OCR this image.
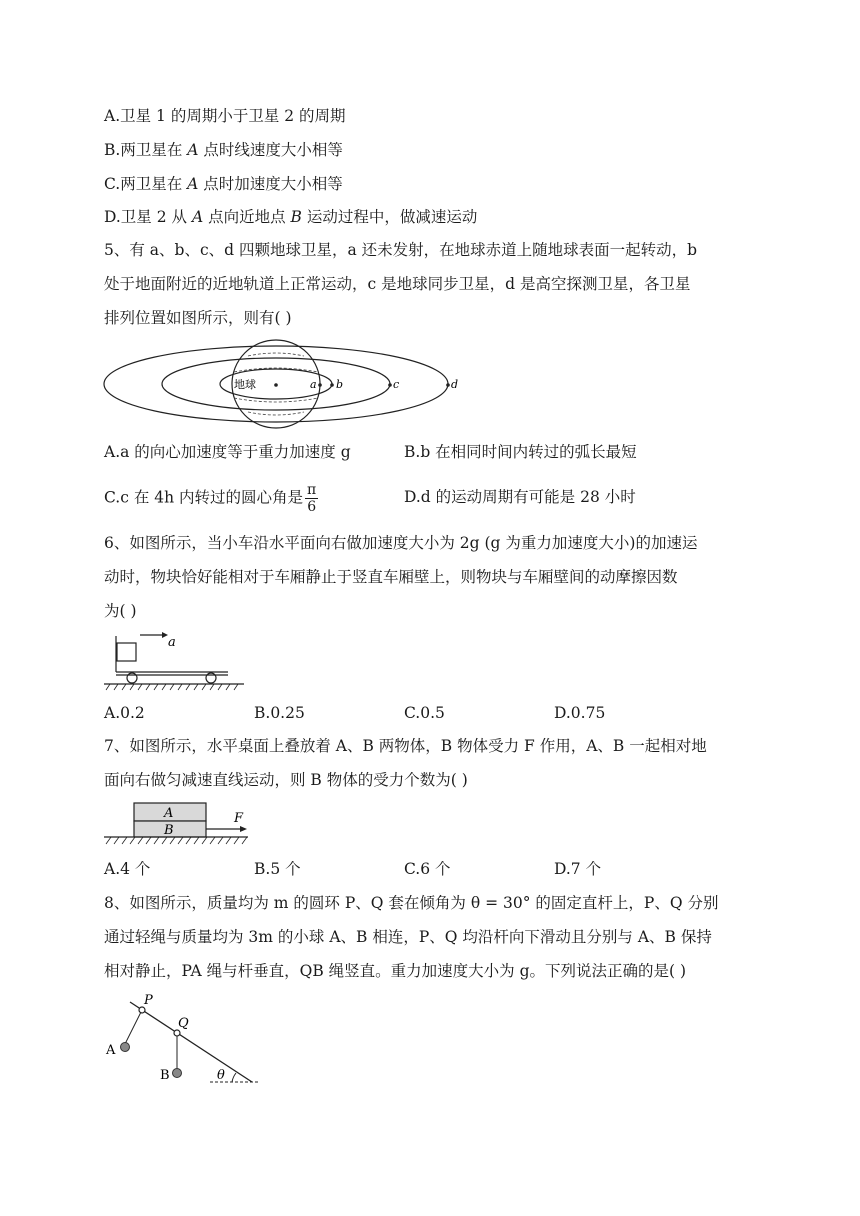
A.卫星 1 的周期小于卫星 2 的周期
B.两卫星在 A 点时线速度大小相等
C.两卫星在 A 点时加速度大小相等
D.卫星 2 从 A 点向近地点 B 运动过程中，做减速运动
5、有 a、b、c、d 四颗地球卫星，a 还未发射，在地球赤道上随地球表面一起转动，b
处于地面附近的近地轨道上正常运动，c 是地球同步卫星，d 是高空探测卫星，各卫星
排列位置如图所示，则有( )
地球	a b	c	d
A.a 的向心加速度等于重力加速度 g	B.b 在相同时间内转过的弧长最短
C.c 在 4h 内转过的圆心角是 $\frac{\pi}{6}$	D.d 的运动周期有可能是 28 小时
6、如图所示，当小车沿水平面向右做加速度大小为 2g (g 为重力加速度大小)的加速运
动时，物块恰好能相对于车厢静止于竖直车厢壁上，则物块与车厢壁间的动摩擦因数
为( )
a
A.0.2	B.0.25	C.0.5	D.0.75
7、如图所示，水平桌面上叠放着 A、B 两物体，B 物体受力 F 作用，A、B 一起相对地
面向右做匀减速直线运动，则 B 物体的受力个数为( )
A
B
F
A.4 个	B.5 个	C.6 个	D.7 个
8、如图所示，质量均为 m 的圆环 P、Q 套在倾角为 θ = 30° 的固定直杆上，P、Q 分别
通过轻绳与质量均为 3m 的小球 A、B 相连，P、Q 均沿杆向下滑动且分别与 A、B 保持
相对静止，PA 绳与杆垂直，QB 绳竖直。重力加速度大小为 g。下列说法正确的是( )
θ
P
A
Q
B
